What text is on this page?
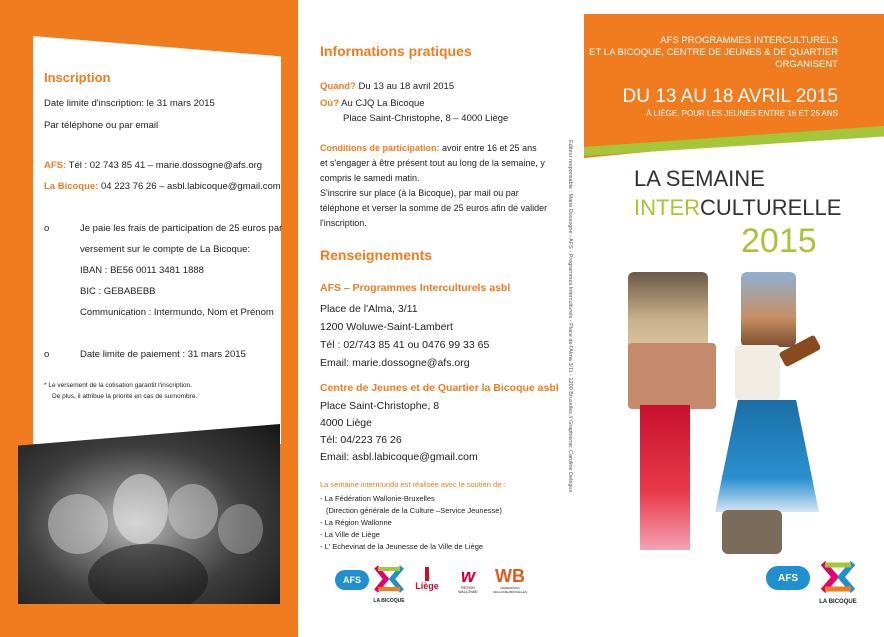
Inscription
Date limite d'inscription: le 31 mars 2015
Par téléphone ou par email
AFS: Tél : 02 743 85 41 – marie.dossogne@afs.org
La Bicoque: 04 223 76 26 – asbl.labicoque@gmail.com
o	Je paie les frais de participation de 25 euros par
versement sur le compte de La Bicoque:
IBAN : BE56 0011 3481 1888
BIC : GEBABEBB
Communication : Intermundo, Nom et Prénom
o	Date limite de paiement : 31 mars 2015
* Le versement de la cotisation garantit l'inscription.
De plus, il attribue la priorité en cas de surnombre.
Informations pratiques
Quand? Du 13 au 18 avril 2015
Où? Au CJQ La Bicoque
Place Saint-Christophe, 8 – 4000 Liège
Conditions de participation: avoir entre 16 et 25 ans
et s'engager à être présent tout au long de la semaine, y
compris le samedi matin.
S'inscrire sur place (à la Bicoque), par mail ou par
téléphone et verser la somme de 25 euros afin de valider
l'inscription.
Renseignements
AFS – Programmes Interculturels asbl
Place de l'Alma, 3/11
1200 Woluwe-Saint-Lambert
Tél : 02/743 85 41 ou 0476 99 33 65
Email: marie.dossogne@afs.org
Centre de Jeunes et de Quartier la Bicoque asbl
Place Saint-Christophe, 8
4000 Liège
Tél: 04/223 76 26
Email: asbl.labicoque@gmail.com
La semaine intermundo est réalisée avec le soutien de :
- La Fédération Wallonie-Bruxelles
(Direction générale de la Culture –Service Jeunesse)
- La Région Wallonne
- La Ville de Liège
- L' Echevinat de la Jeunesse de la Ville de Liège
AFS
LA BICOQUE
Liège	w
RÉGION WALLONNE
WB
FÉDÉRATION WALLONIE-BRUXELLES
Editeur responsable : Marie Dossogne - AFS - Programmes Interculturels - Place de l'Alma 3/11 - 1200 Bruxelles // Graphisme: Caroline Delègue
AFS PROGRAMMES INTERCULTURELS
ET LA BICOQUE, CENTRE DE JEUNES & DE QUARTIER
ORGANISENT
DU 13 AU 18 AVRIL 2015
À LIÈGE, POUR LES JEUNES ENTRE 16 ET 25 ANS
LA SEMAINE
INTERCULTURELLE
2015
AFS
LA BICOQUE
